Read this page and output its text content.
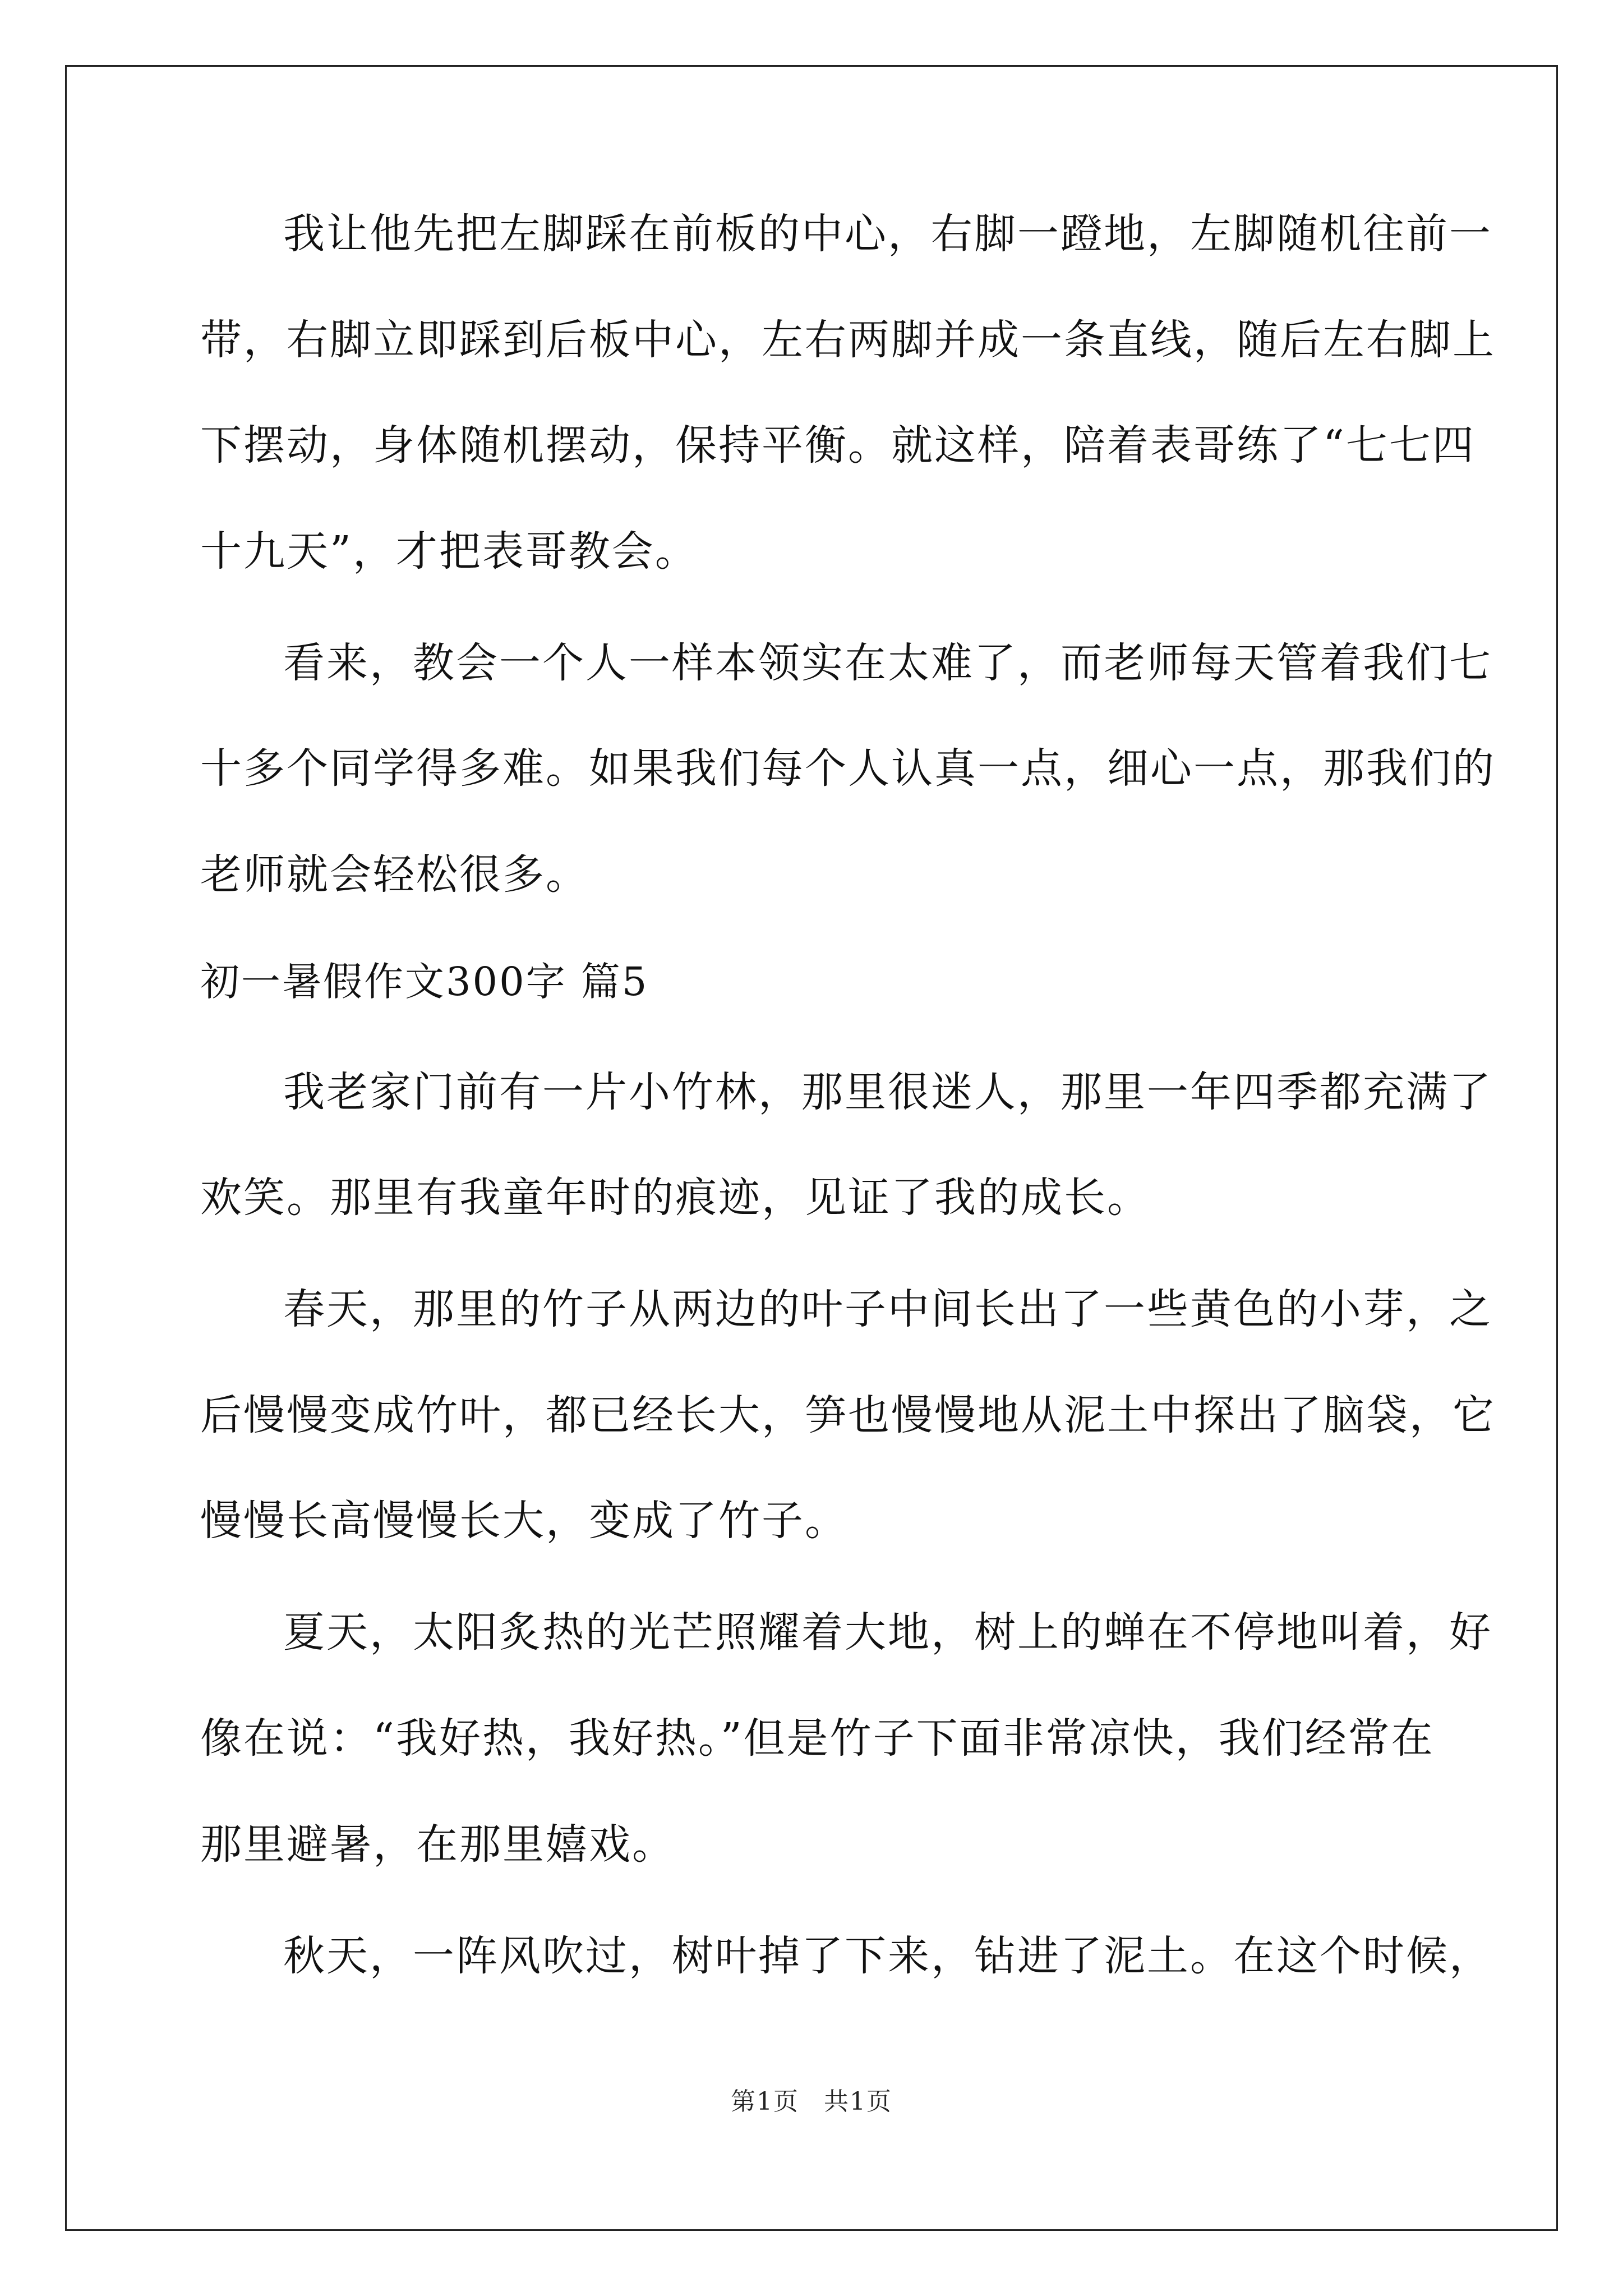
我让他先把左脚踩在前板的中心，右脚一蹬地，左脚随机往前一
带，右脚立即踩到后板中心，左右两脚并成一条直线，随后左右脚上
下摆动，身体随机摆动，保持平衡。就这样，陪着表哥练了“七七四
十九天”，才把表哥教会。
看来，教会一个人一样本领实在太难了，而老师每天管着我们七
十多个同学得多难。如果我们每个人认真一点，细心一点，那我们的
老师就会轻松很多。
初一暑假作文300字 篇5
我老家门前有一片小竹林，那里很迷人，那里一年四季都充满了
欢笑。那里有我童年时的痕迹，见证了我的成长。
春天，那里的竹子从两边的叶子中间长出了一些黄色的小芽，之
后慢慢变成竹叶，都已经长大，笋也慢慢地从泥土中探出了脑袋，它
慢慢长高慢慢长大，变成了竹子。
夏天，太阳炙热的光芒照耀着大地，树上的蝉在不停地叫着，好
像在说：“我好热，我好热。”但是竹子下面非常凉快，我们经常在
那里避暑，在那里嬉戏。
秋天，一阵风吹过，树叶掉了下来，钻进了泥土。在这个时候，
第1页 共1页
